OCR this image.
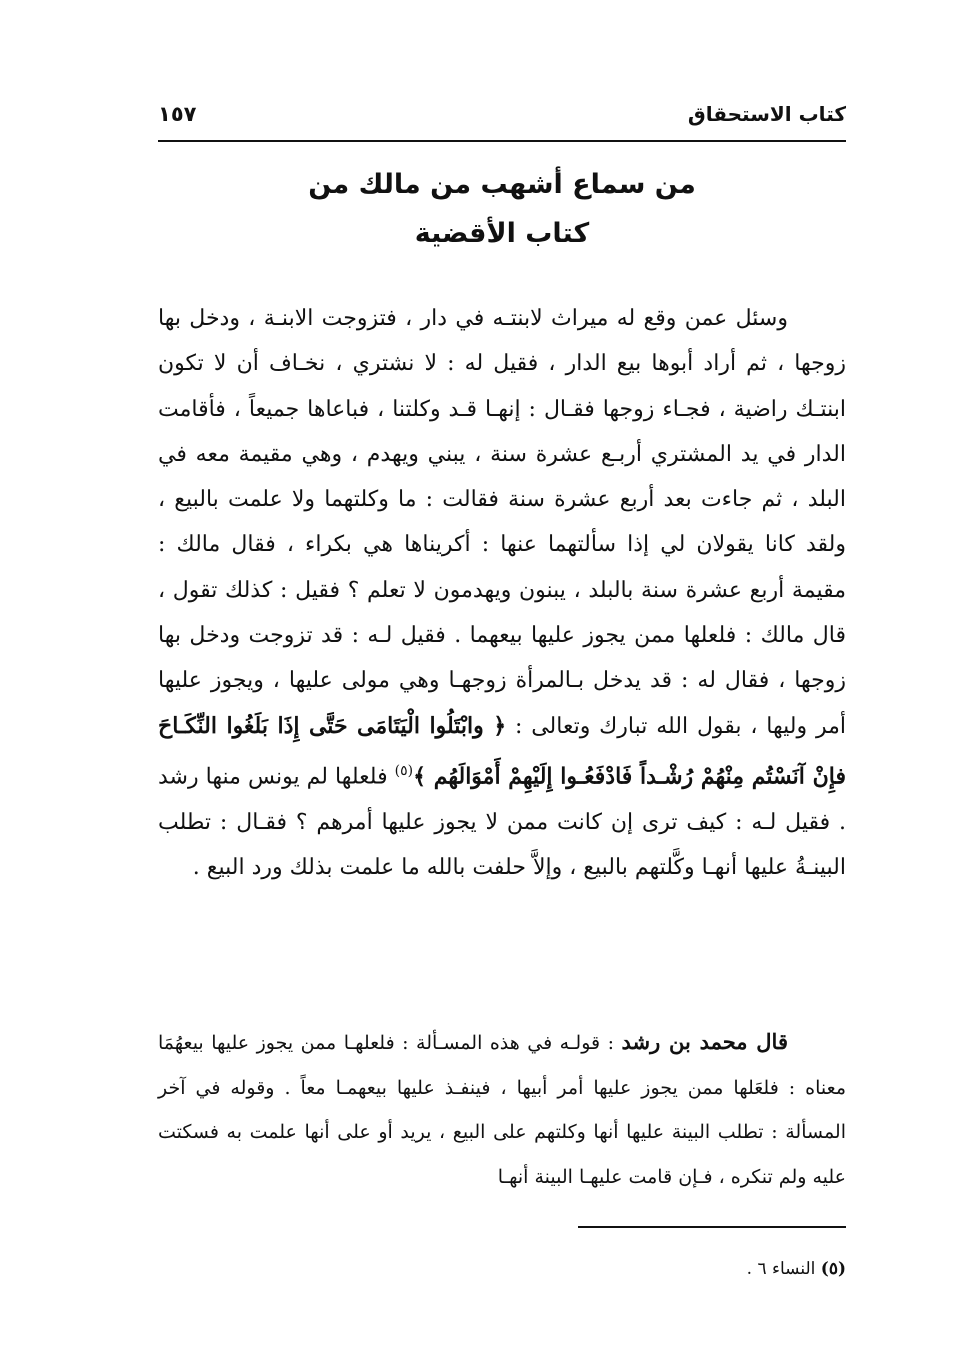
كتاب الاستحقاق
١٥٧
من سماع أشهب من مالك من
كتاب الأقضية

وسئل عمن وقع له ميراث لابنتـه في دار ، فتزوجت الابنـة ، ودخل بها زوجها ، ثم أراد أبوها بيع الدار ، فقيل له : لا نشتري ، نخـاف أن لا تكون ابنتـك راضية ، فجـاء زوجها فقـال : إنهـا قـد وكلتنا ، فباعاها جميعاً ، فأقامت الدار في يد المشتري أربـع عشرة سنة ، يبني ويهدم ، وهي مقيمة معه في البلد ، ثم جاءت بعد أربع عشرة سنة فقالت : ما وكلتهما ولا علمت بالبيع ، ولقد كانا يقولان لي إذا سألتهما عنها : أكريناها هي بكراء ، فقال مالك : مقيمة أربع عشرة سنة بالبلد ، يبنون ويهدمون لا تعلم ؟ فقيل : كذلك تقول ، قال مالك : فلعلها ممن يجوز عليها بيعهما . فقيل لـه : قد تزوجت ودخل بها زوجها ، فقال له : قد يدخل بـالمرأة زوجهـا وهي مولى عليها ، ويجوز عليها أمر وليها ، بقول الله تبارك وتعالى : ﴿ وابْتَلُوا الْيَتَامَى حَتَّى إِذَا بَلَغُوا النِّكَـاحَ فإِنْ آنَسْتُم مِنْهُمْ رُشْـداً فَادْفَعُـوا إِلَيْهِمْ أَمْوَالَهُم ﴾$^{(٥)}$ فلعلها لم يونس منها رشد . فقيل لـه : كيف ترى إن كانت ممن لا يجوز عليها أمرهم ؟ فقـال : تطلب البينـةُ عليها أنهـا وكَّلتهم بالبيع ، وإلاَّ حلفت بالله ما علمت بذلك ورد البيع .

قال محمد بن رشد : قولـه في هذه المسـألة : فلعلهـا ممن يجوز عليها بيعهُمَا معناه : فلعَلها ممن يجوز عليها أمر أبيها ، فينفـذ عليها بيعهمـا معاً . وقوله في آخر المسألة : تطلب البينة عليها أنها وكلتهم على البيع ، يريد أو على أنها علمت به فسكتت عليه ولم تنكره ، فـإن قامت عليهـا البينة أنهـا

(٥) النساء ٦ .
